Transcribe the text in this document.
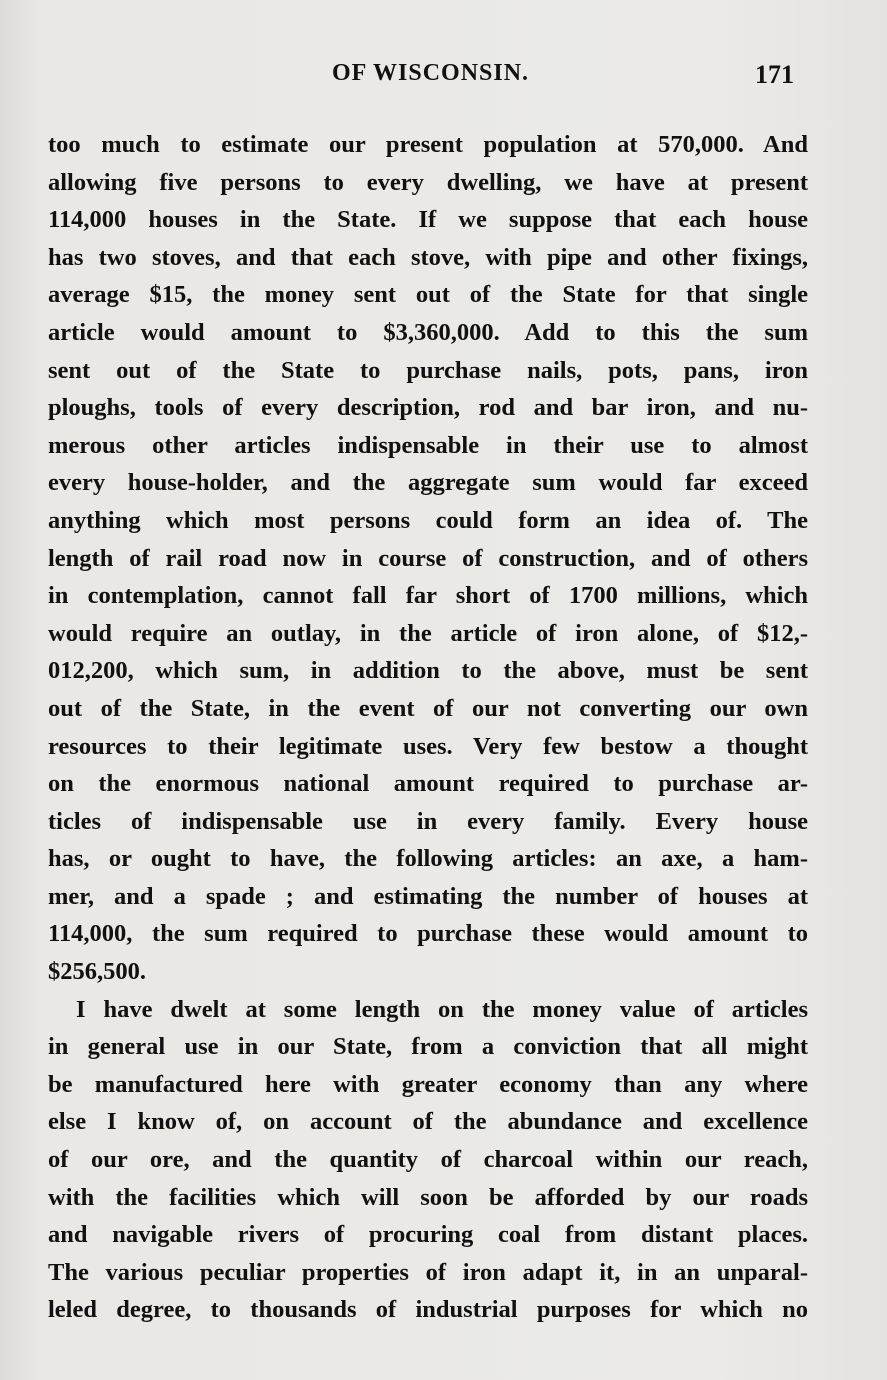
OF WISCONSIN.	171
too much to estimate our present population at 570,000. And
allowing five persons to every dwelling, we have at present
114,000 houses in the State. If we suppose that each house
has two stoves, and that each stove, with pipe and other fixings,
average $15, the money sent out of the State for that single
article would amount to $3,360,000. Add to this the sum
sent out of the State to purchase nails, pots, pans, iron
ploughs, tools of every description, rod and bar iron, and nu-
merous other articles indispensable in their use to almost
every house-holder, and the aggregate sum would far exceed
anything which most persons could form an idea of. The
length of rail road now in course of construction, and of others
in contemplation, cannot fall far short of 1700 millions, which
would require an outlay, in the article of iron alone, of $12,-
012,200, which sum, in addition to the above, must be sent
out of the State, in the event of our not converting our own
resources to their legitimate uses. Very few bestow a thought
on the enormous national amount required to purchase ar-
ticles of indispensable use in every family. Every house
has, or ought to have, the following articles: an axe, a ham-
mer, and a spade ; and estimating the number of houses at
114,000, the sum required to purchase these would amount to
$256,500.
I have dwelt at some length on the money value of articles
in general use in our State, from a conviction that all might
be manufactured here with greater economy than any where
else I know of, on account of the abundance and excellence
of our ore, and the quantity of charcoal within our reach,
with the facilities which will soon be afforded by our roads
and navigable rivers of procuring coal from distant places.
The various peculiar properties of iron adapt it, in an unparal-
leled degree, to thousands of industrial purposes for which no
